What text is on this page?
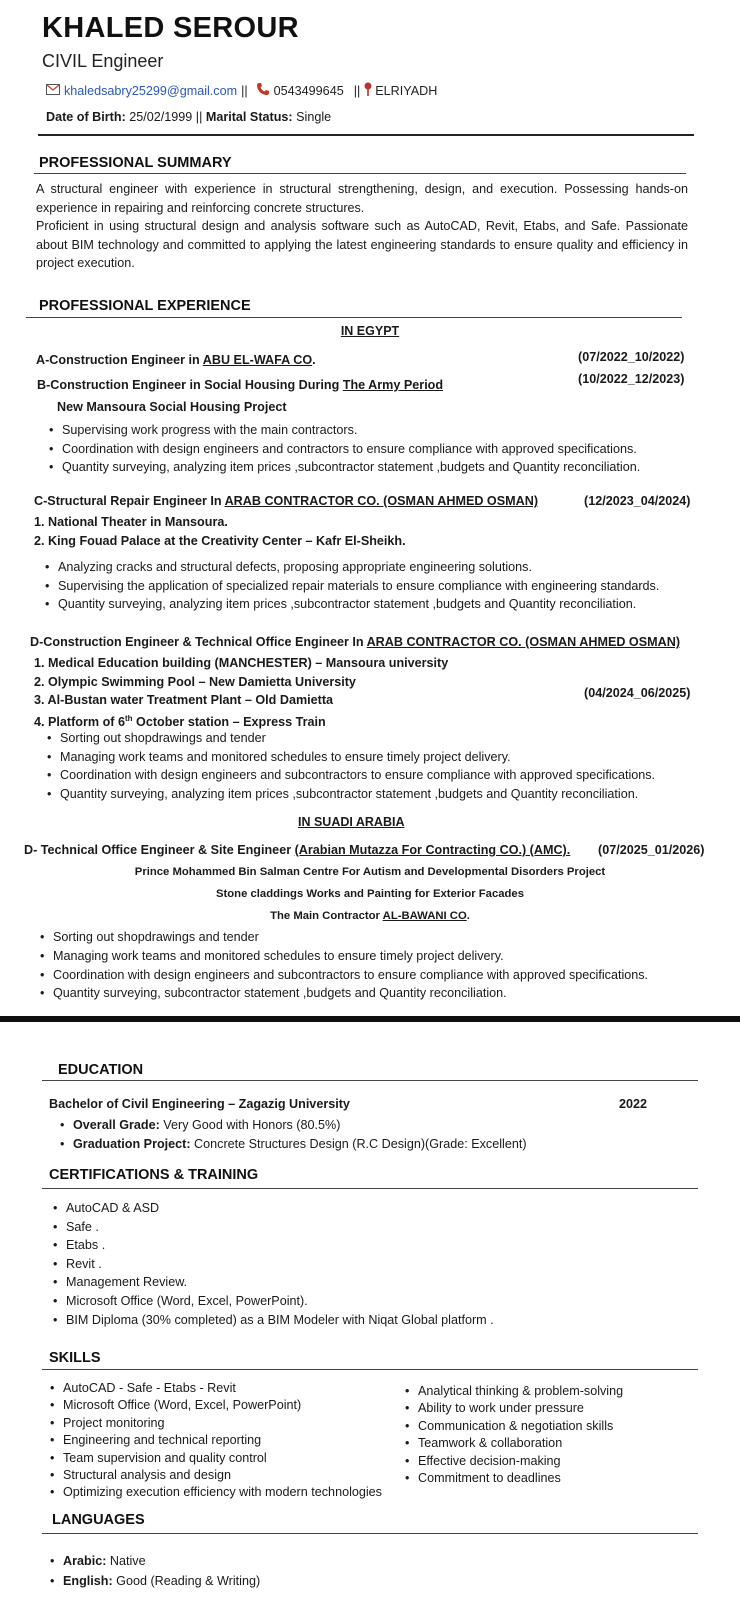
KHALED SEROUR
CIVIL Engineer
khaledsabry25299@gmail.com || 0543499645 || ELRIYADH
Date of Birth: 25/02/1999 || Marital Status: Single
PROFESSIONAL SUMMARY
A structural engineer with experience in structural strengthening, design, and execution. Possessing hands-on experience in repairing and reinforcing concrete structures.
Proficient in using structural design and analysis software such as AutoCAD, Revit, Etabs, and Safe. Passionate about BIM technology and committed to applying the latest engineering standards to ensure quality and efficiency in project execution.
PROFESSIONAL EXPERIENCE
IN EGYPT
A-Construction Engineer in ABU EL-WAFA CO.	(07/2022_10/2022)
B-Construction Engineer in Social Housing During The Army Period	(10/2022_12/2023)
New Mansoura Social Housing Project
• Supervising work progress with the main contractors.
• Coordination with design engineers and contractors to ensure compliance with approved specifications.
• Quantity surveying, analyzing item prices ,subcontractor statement ,budgets and Quantity reconciliation.
C-Structural Repair Engineer In ARAB CONTRACTOR CO. (OSMAN AHMED OSMAN)	(12/2023_04/2024)
1. National Theater in Mansoura.
2. King Fouad Palace at the Creativity Center – Kafr El-Sheikh.
• Analyzing cracks and structural defects, proposing appropriate engineering solutions.
• Supervising the application of specialized repair materials to ensure compliance with engineering standards.
• Quantity surveying, analyzing item prices ,subcontractor statement ,budgets and Quantity reconciliation.
D-Construction Engineer & Technical Office Engineer In ARAB CONTRACTOR CO. (OSMAN AHMED OSMAN)
1. Medical Education building (MANCHESTER) – Mansoura university
2. Olympic Swimming Pool – New Damietta University
3. Al-Bustan water Treatment Plant – Old Damietta
4. Platform of 6th October station – Express Train
(04/2024_06/2025)
• Sorting out shopdrawings and tender
• Managing work teams and monitored schedules to ensure timely project delivery.
• Coordination with design engineers and subcontractors to ensure compliance with approved specifications.
• Quantity surveying, analyzing item prices ,subcontractor statement ,budgets and Quantity reconciliation.
IN SUADI ARABIA
D- Technical Office Engineer & Site Engineer (Arabian Mutazza For Contracting CO.) (AMC). (07/2025_01/2026)
Prince Mohammed Bin Salman Centre For Autism and Developmental Disorders Project
Stone claddings Works and Painting for Exterior Facades
The Main Contractor AL-BAWANI CO.
• Sorting out shopdrawings and tender
• Managing work teams and monitored schedules to ensure timely project delivery.
• Coordination with design engineers and subcontractors to ensure compliance with approved specifications.
• Quantity surveying, subcontractor statement ,budgets and Quantity reconciliation.
EDUCATION
Bachelor of Civil Engineering – Zagazig University	2022
• Overall Grade: Very Good with Honors (80.5%)
• Graduation Project: Concrete Structures Design (R.C Design)(Grade: Excellent)
CERTIFICATIONS & TRAINING
• AutoCAD & ASD
• Safe .
• Etabs .
• Revit .
• Management Review.
• Microsoft Office (Word, Excel, PowerPoint).
• BIM Diploma (30% completed) as a BIM Modeler with Niqat Global platform .
SKILLS
• AutoCAD - Safe - Etabs - Revit
• Microsoft Office (Word, Excel, PowerPoint)
• Project monitoring
• Engineering and technical reporting
• Team supervision and quality control
• Structural analysis and design
• Optimizing execution efficiency with modern technologies
• Analytical thinking & problem-solving
• Ability to work under pressure
• Communication & negotiation skills
• Teamwork & collaboration
• Effective decision-making
• Commitment to deadlines
LANGUAGES
• Arabic: Native
• English: Good (Reading & Writing)
